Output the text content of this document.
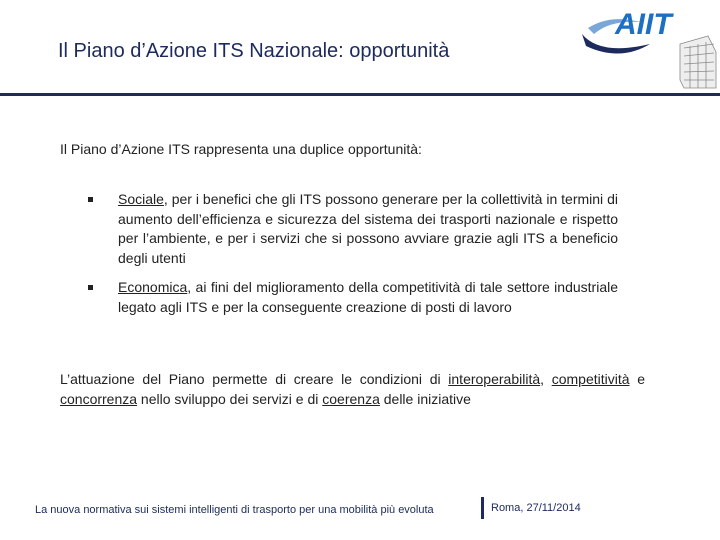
Il Piano d’Azione ITS Nazionale: opportunità
AIIT
Il Piano d’Azione ITS rappresenta una duplice opportunità:
Sociale, per i benefici che gli ITS possono generare per la collettività in termini di aumento dell’efficienza e sicurezza del sistema dei trasporti nazionale e rispetto per l’ambiente, e per i servizi che si possono avviare grazie agli ITS a beneficio degli utenti
Economica, ai fini del miglioramento della competitività di tale settore industriale legato agli ITS e per la conseguente creazione di posti di lavoro
L’attuazione del Piano permette di creare le condizioni di interoperabilità, competitività e concorrenza nello sviluppo dei servizi e di coerenza delle iniziative
La nuova normativa sui sistemi intelligenti di trasporto per una mobilità più evoluta	Roma, 27/11/2014
